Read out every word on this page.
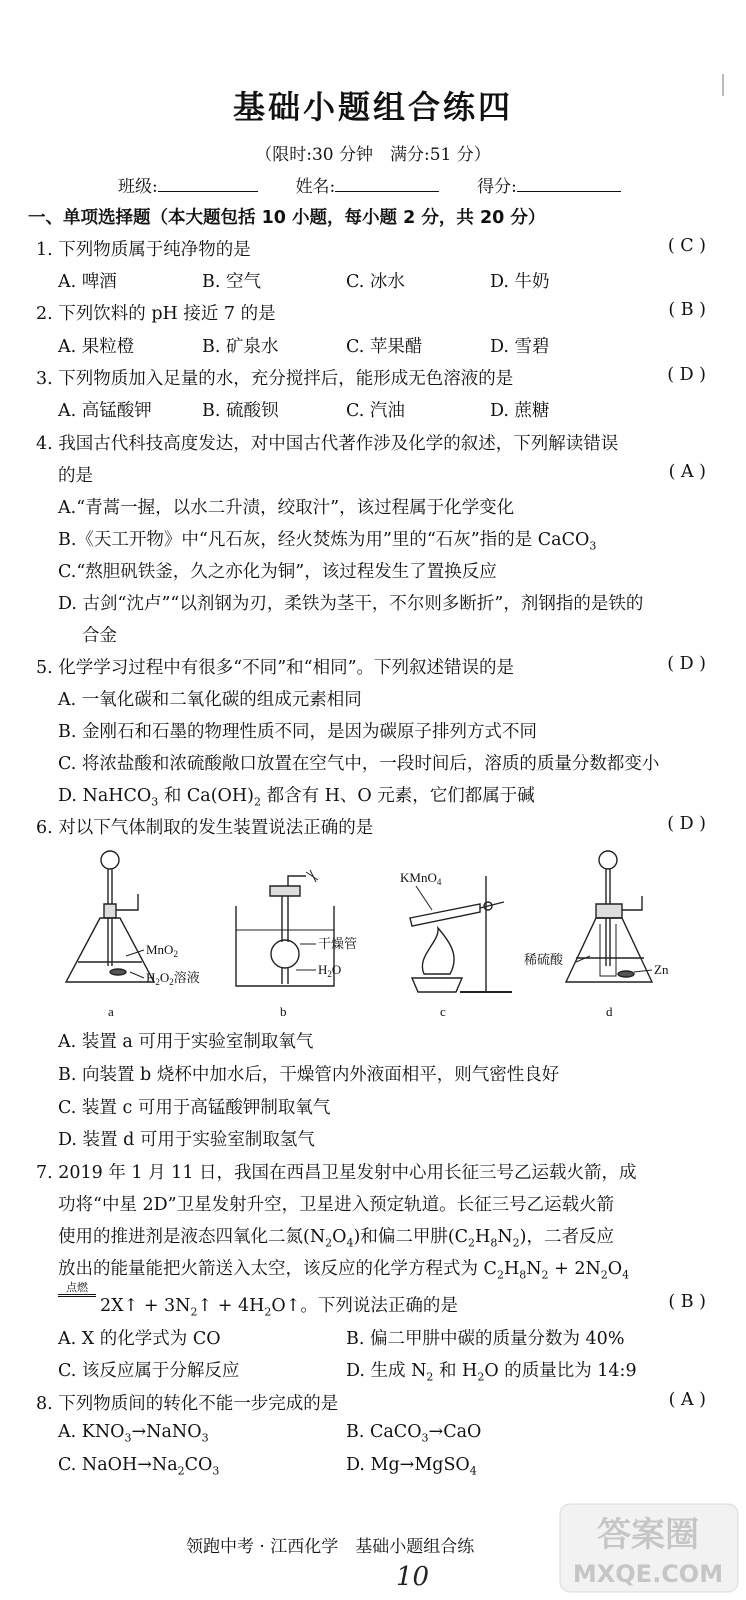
基础小题组合练四
（限时:30 分钟　满分:51 分）
班级:	姓名:	得分:
一、单项选择题（本大题包括 10 小题，每小题 2 分，共 20 分）
1. 下列物质属于纯净物的是	( C )
A. 啤酒	B. 空气	C. 冰水	D. 牛奶
2. 下列饮料的 pH 接近 7 的是	( B )
A. 果粒橙	B. 矿泉水	C. 苹果醋	D. 雪碧
3. 下列物质加入足量的水，充分搅拌后，能形成无色溶液的是	( D )
A. 高锰酸钾	B. 硫酸钡	C. 汽油	D. 蔗糖
4. 我国古代科技高度发达，对中国古代著作涉及化学的叙述，下列解读错误
的是	( A )
A.“青蒿一握，以水二升渍，绞取汁”，该过程属于化学变化
B.《天工开物》中“凡石灰，经火焚炼为用”里的“石灰”指的是 CaCO$_3$
C.“熬胆矾铁釜，久之亦化为铜”，该过程发生了置换反应
D. 古剑“沈卢”“以剂钢为刃，柔铁为茎干，不尔则多断折”，剂钢指的是铁的
合金
5. 化学学习过程中有很多“不同”和“相同”。下列叙述错误的是	( D )
A. 一氧化碳和二氧化碳的组成元素相同
B. 金刚石和石墨的物理性质不同，是因为碳原子排列方式不同
C. 将浓盐酸和浓硫酸敞口放置在空气中，一段时间后，溶质的质量分数都变小
D. NaHCO$_3$ 和 $Ca(OH)_2$ 都含有 H、O 元素，它们都属于碱
6. 对以下气体制取的发生装置说法正确的是	( D )
MnO$_2$
$H_2O_2$溶液
a
干燥管
$H_2O$
b
KMnO$_4$
c
稀硫酸
Zn
d
A. 装置 a 可用于实验室制取氧气
B. 向装置 b 烧杯中加水后，干燥管内外液面相平，则气密性良好
C. 装置 c 可用于高锰酸钾制取氧气
D. 装置 d 可用于实验室制取氢气
7. 2019 年 1 月 11 日，我国在西昌卫星发射中心用长征三号乙运载火箭，成
功将“中星 2D”卫星发射升空，卫星进入预定轨道。长征三号乙运载火箭
使用的推进剂是液态四氧化二氮$(N_2O_4)$和偏二甲肼$(C_2H_8N_2)$，二者反应
放出的能量能把火箭送入太空，该反应的化学方程式为 $C_2H_8N_2 + 2N_2O_4$
点燃
2X↑ + $3N_2↑$ + $4H_2O↑$。下列说法正确的是	( B )
A. X 的化学式为 CO	B. 偏二甲肼中碳的质量分数为 40%
C. 该反应属于分解反应	D. 生成 $N_2$ 和 $H_2O$ 的质量比为 14:9
8. 下列物质间的转化不能一步完成的是	( A )
A. $KNO_3\to NaNO_3$	B. CaCO$_3$→CaO
C. $NaOH\to Na_2CO_3$	D. Mg→MgSO$_4$
领跑中考 · 江西化学　基础小题组合练
10
答案圈
MXQE.COM
